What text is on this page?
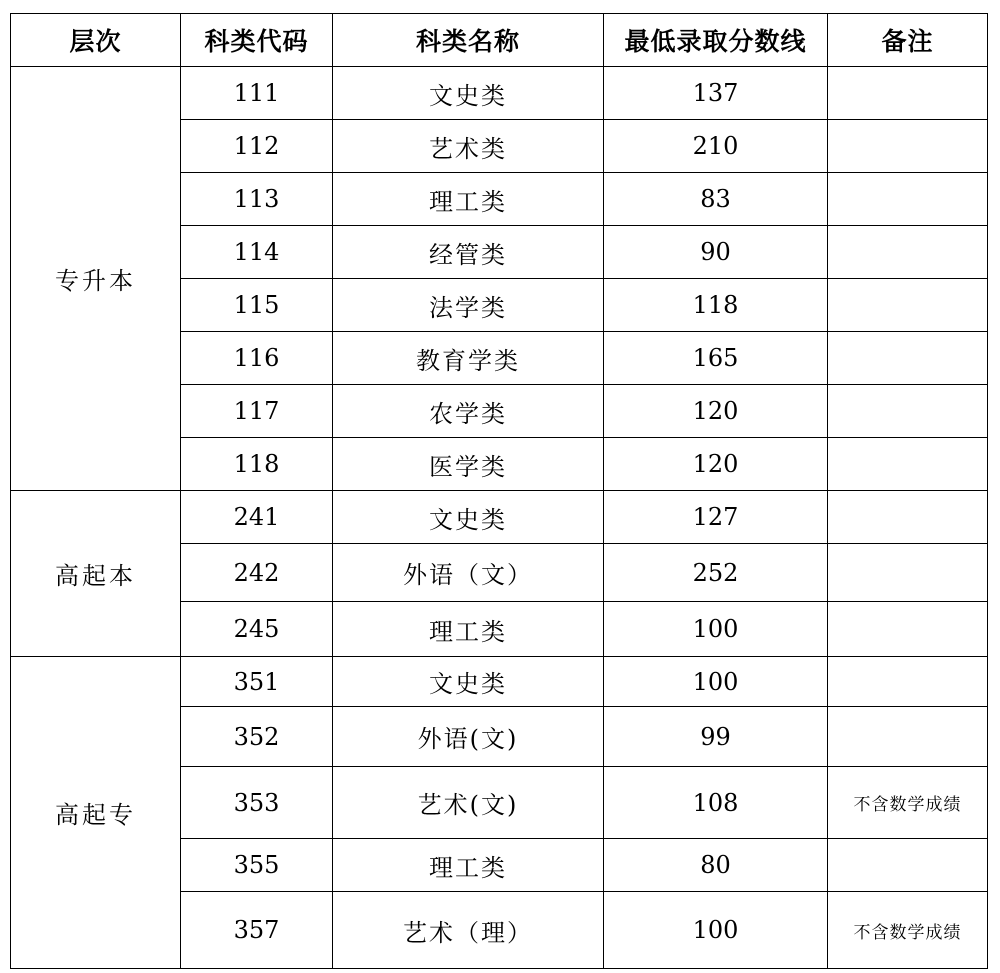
层次	科类代码	科类名称	最低录取分数线	备注
专升本	111	文史类	137	
	112	艺术类	210	
	113	理工类	83	
	114	经管类	90	
	115	法学类	118	
	116	教育学类	165	
	117	农学类	120	
	118	医学类	120	
高起本	241	文史类	127	
	242	外语（文）	252	
	245	理工类	100	
高起专	351	文史类	100	
	352	外语(文)	99	
	353	艺术(文)	108	不含数学成绩
	355	理工类	80	
	357	艺术（理）	100	不含数学成绩
